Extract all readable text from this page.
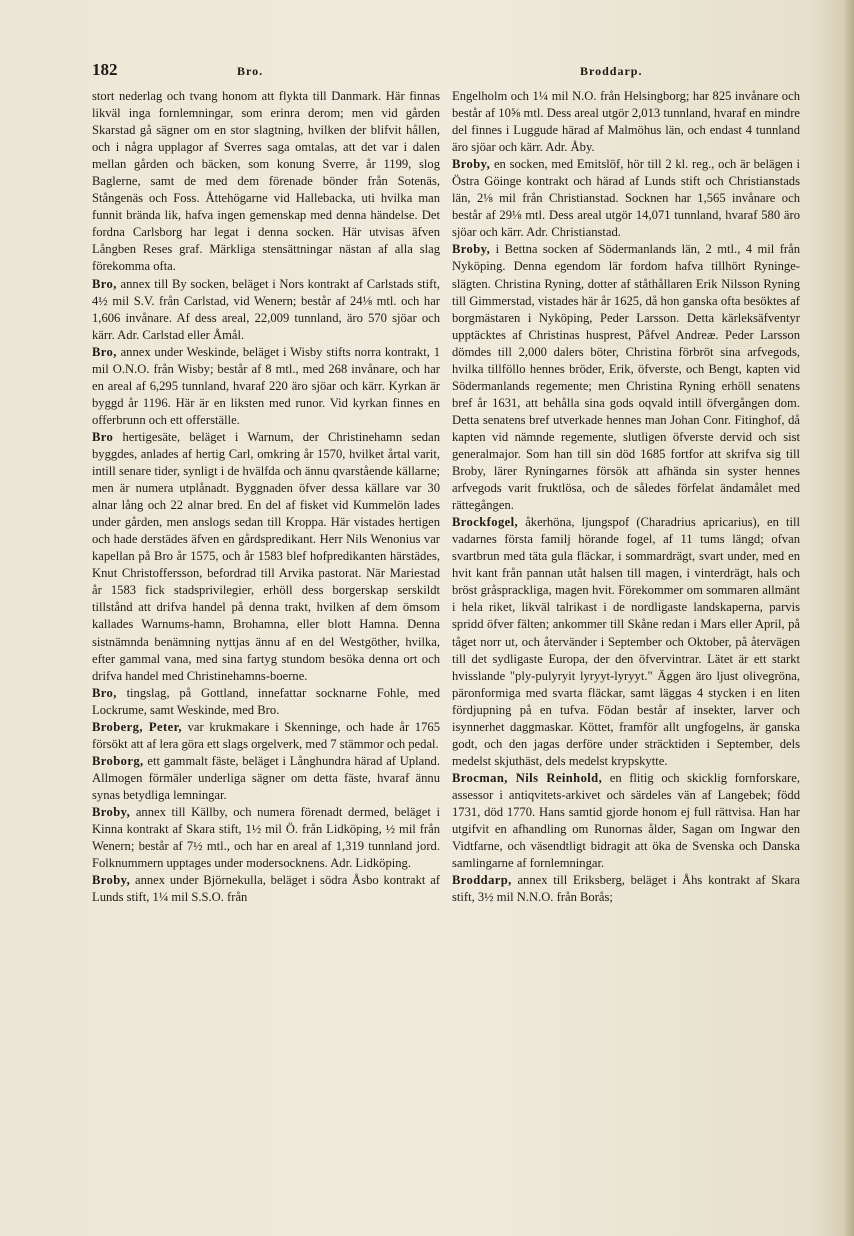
182	Bro.	Broddarp.

stort nederlag och tvang honom att flykta till Danmark. Här finnas likväl inga fornlemningar, som erinra derom; men vid gården Skarstad gå sägner om en stor slagtning, hvilken der blifvit hållen, och i några upplagor af Sverres saga omtalas, att det var i dalen mellan gården och bäcken, som konung Sverre, år 1199, slog Baglerne, samt de med dem förenade bönder från Sotenäs, Stångenäs och Foss. Åttehögarne vid Hallebacka, uti hvilka man funnit brända lik, hafva ingen gemenskap med denna händelse. Det fordna Carlsborg har legat i denna socken. Här utvisas äfven Långben Reses graf. Märkliga stensättningar nästan af alla slag förekomma ofta.

Bro, annex till By socken, beläget i Nors kontrakt af Carlstads stift, 4½ mil S.V. från Carlstad, vid Wenern; består af 24⅛ mtl. och har 1,606 invånare. Af dess areal, 22,009 tunnland, äro 570 sjöar och kärr. Adr. Carlstad eller Åmål.

Bro, annex under Weskinde, beläget i Wisby stifts norra kontrakt, 1 mil O.N.O. från Wisby; består af 8 mtl., med 268 invånare, och har en areal af 6,295 tunnland, hvaraf 220 äro sjöar och kärr. Kyrkan är byggd år 1196. Här är en liksten med runor. Vid kyrkan finnes en offerbrunn och ett offerställe.

Bro hertigesäte, beläget i Warnum, der Christinehamn sedan byggdes, anlades af hertig Carl, omkring år 1570, hvilket årtal varit, intill senare tider, synligt i de hvälfda och ännu qvarstående källarne; men är numera utplånadt. Byggnaden öfver dessa källare var 30 alnar lång och 22 alnar bred. En del af fisket vid Kummelön lades under gården, men anslogs sedan till Kroppa. Här vistades hertigen och hade derstädes äfven en gårdspredikant. Herr Nils Wenonius var kapellan på Bro år 1575, och år 1583 blef hofpredikanten härstädes, Knut Christoffersson, befordrad till Arvika pastorat. När Mariestad år 1583 fick stadsprivilegier, erhöll dess borgerskap serskildt tillstånd att drifva handel på denna trakt, hvilken af dem ömsom kallades Warnums-hamn, Brohamna, eller blott Hamna. Denna sistnämnda benämning nyttjas ännu af en del Westgöther, hvilka, efter gammal vana, med sina fartyg stundom besöka denna ort och drifva handel med Christinehamns-boerne.

Bro, tingslag, på Gottland, innefattar socknarne Fohle, med Lockrume, samt Weskinde, med Bro.

Broberg, Peter, var krukmakare i Skenninge, och hade år 1765 försökt att af lera göra ett slags orgelverk, med 7 stämmor och pedal.

Broborg, ett gammalt fäste, beläget i Långhundra härad af Upland. Allmogen förmäler underliga sägner om detta fäste, hvaraf ännu synas betydliga lemningar.

Broby, annex till Källby, och numera förenadt dermed, beläget i Kinna kontrakt af Skara stift, 1½ mil Ö. från Lidköping, ½ mil från Wenern; består af 7½ mtl., och har en areal af 1,319 tunnland jord. Folknummern upptages under modersocknens. Adr. Lidköping.

Broby, annex under Björnekulla, beläget i södra Åsbo kontrakt af Lunds stift, 1¼ mil S.S.O. från

Engelholm och 1¼ mil N.O. från Helsingborg; har 825 invånare och består af 10⅝ mtl. Dess areal utgör 2,013 tunnland, hvaraf en mindre del finnes i Luggude härad af Malmöhus län, och endast 4 tunnland äro sjöar och kärr. Adr. Åby.

Broby, en socken, med Emitslöf, hör till 2 kl. reg., och är belägen i Östra Göinge kontrakt och härad af Lunds stift och Christianstads län, 2⅛ mil från Christianstad. Socknen har 1,565 invånare och består af 29⅛ mtl. Dess areal utgör 14,071 tunnland, hvaraf 580 äro sjöar och kärr. Adr. Christianstad.

Broby, i Bettna socken af Södermanlands län, 2 mtl., 4 mil från Nyköping. Denna egendom lär fordom hafva tillhört Ryninge-slägten. Christina Ryning, dotter af ståthållaren Erik Nilsson Ryning till Gimmerstad, vistades här år 1625, då hon ganska ofta besöktes af borgmästaren i Nyköping, Peder Larsson. Detta kärleksäfventyr upptäcktes af Christinas husprest, Påfvel Andreæ. Peder Larsson dömdes till 2,000 dalers böter, Christina förbröt sina arfvegods, hvilka tillföllo hennes bröder, Erik, öfverste, och Bengt, kapten vid Södermanlands regemente; men Christina Ryning erhöll senatens bref år 1631, att behålla sina gods oqvald intill öfvergången dom. Detta senatens bref utverkade hennes man Johan Conr. Fitinghof, då kapten vid nämnde regemente, slutligen öfverste dervid och sist generalmajor. Som han till sin död 1685 fortfor att skrifva sig till Broby, lärer Ryningarnes försök att afhända sin syster hennes arfvegods varit fruktlösa, och de således förfelat ändamålet med rättegången.

Brockfogel, åkerhöna, ljungspof (Charadrius apricarius), en till vadarnes första familj hörande fogel, af 11 tums längd; ofvan svartbrun med täta gula fläckar, i sommardrägt, svart under, med en hvit kant från pannan utåt halsen till magen, i vinterdrägt, hals och bröst gråsprackliga, magen hvit. Förekommer om sommaren allmänt i hela riket, likväl talrikast i de nordligaste landskaperna, parvis spridd öfver fälten; ankommer till Skåne redan i Mars eller April, på tåget norr ut, och återvänder i September och Oktober, på återvägen till det sydligaste Europa, der den öfvervintrar. Lätet är ett starkt hvisslande "ply-pulyryit lyryyt-lyryyt." Äggen äro ljust olivegröna, päronformiga med svarta fläckar, samt läggas 4 stycken i en liten fördjupning på en tufva. Födan består af insekter, larver och isynnerhet daggmaskar. Köttet, framför allt ungfogelns, är ganska godt, och den jagas derföre under sträcktiden i September, dels medelst skjuthäst, dels medelst krypskytte.

Brocman, Nils Reinhold, en flitig och skicklig fornforskare, assessor i antiqvitets-arkivet och särdeles vän af Langebek; född 1731, död 1770. Hans samtid gjorde honom ej full rättvisa. Han har utgifvit en afhandling om Runornas ålder, Sagan om Ingwar den Vidtfarne, och väsendtligt bidragit att öka de Svenska och Danska samlingarne af fornlemningar.

Broddarp, annex till Eriksberg, beläget i Åhs kontrakt af Skara stift, 3½ mil N.N.O. från Borås;
